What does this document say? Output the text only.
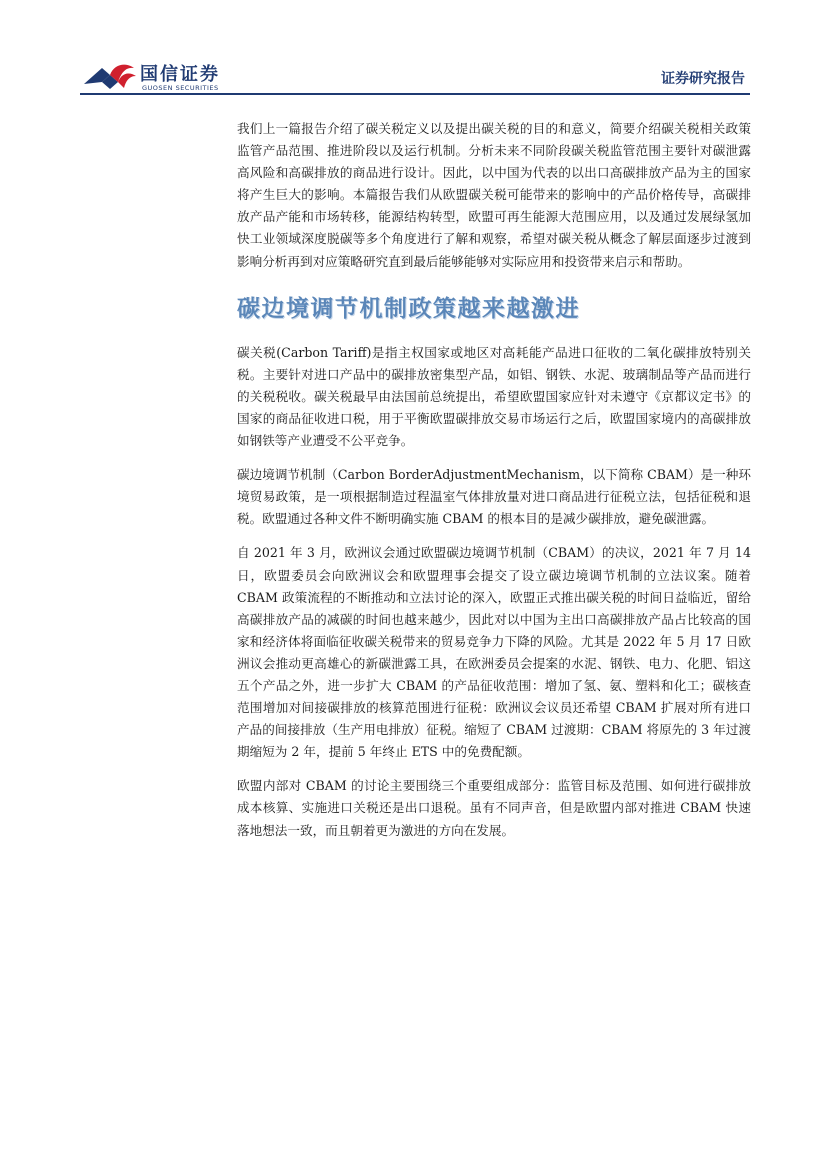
国信证券
GUOSEN SECURITIES
证券研究报告

我们上一篇报告介绍了碳关税定义以及提出碳关税的目的和意义，简要介绍碳关税相关政策监管产品范围、推进阶段以及运行机制。分析未来不同阶段碳关税监管范围主要针对碳泄露高风险和高碳排放的商品进行设计。因此，以中国为代表的以出口高碳排放产品为主的国家将产生巨大的影响。本篇报告我们从欧盟碳关税可能带来的影响中的产品价格传导，高碳排放产品产能和市场转移，能源结构转型，欧盟可再生能源大范围应用，以及通过发展绿氢加快工业领域深度脱碳等多个角度进行了解和观察，希望对碳关税从概念了解层面逐步过渡到影响分析再到对应策略研究直到最后能够能够对实际应用和投资带来启示和帮助。

碳边境调节机制政策越来越激进

碳关税(Carbon Tariff)是指主权国家或地区对高耗能产品进口征收的二氧化碳排放特别关税。主要针对进口产品中的碳排放密集型产品，如铝、钢铁、水泥、玻璃制品等产品而进行的关税税收。碳关税最早由法国前总统提出，希望欧盟国家应针对未遵守《京都议定书》的国家的商品征收进口税，用于平衡欧盟碳排放交易市场运行之后，欧盟国家境内的高碳排放如钢铁等产业遭受不公平竞争。

碳边境调节机制（Carbon BorderAdjustmentMechanism，以下简称 CBAM）是一种环境贸易政策，是一项根据制造过程温室气体排放量对进口商品进行征税立法，包括征税和退税。欧盟通过各种文件不断明确实施 CBAM 的根本目的是减少碳排放，避免碳泄露。

自 2021 年 3 月，欧洲议会通过欧盟碳边境调节机制（CBAM）的决议，2021 年 7 月 14 日，欧盟委员会向欧洲议会和欧盟理事会提交了设立碳边境调节机制的立法议案。随着 CBAM 政策流程的不断推动和立法讨论的深入，欧盟正式推出碳关税的时间日益临近，留给高碳排放产品的减碳的时间也越来越少，因此对以中国为主出口高碳排放产品占比较高的国家和经济体将面临征收碳关税带来的贸易竞争力下降的风险。尤其是 2022 年 5 月 17 日欧洲议会推动更高雄心的新碳泄露工具，在欧洲委员会提案的水泥、钢铁、电力、化肥、铝这五个产品之外，进一步扩大 CBAM 的产品征收范围：增加了氢、氨、塑料和化工；碳核查范围增加对间接碳排放的核算范围进行征税：欧洲议会议员还希望 CBAM 扩展对所有进口产品的间接排放（生产用电排放）征税。缩短了 CBAM 过渡期：CBAM 将原先的 3 年过渡期缩短为 2 年，提前 5 年终止 ETS 中的免费配额。

欧盟内部对 CBAM 的讨论主要围绕三个重要组成部分：监管目标及范围、如何进行碳排放成本核算、实施进口关税还是出口退税。虽有不同声音，但是欧盟内部对推进 CBAM 快速落地想法一致，而且朝着更为激进的方向在发展。
